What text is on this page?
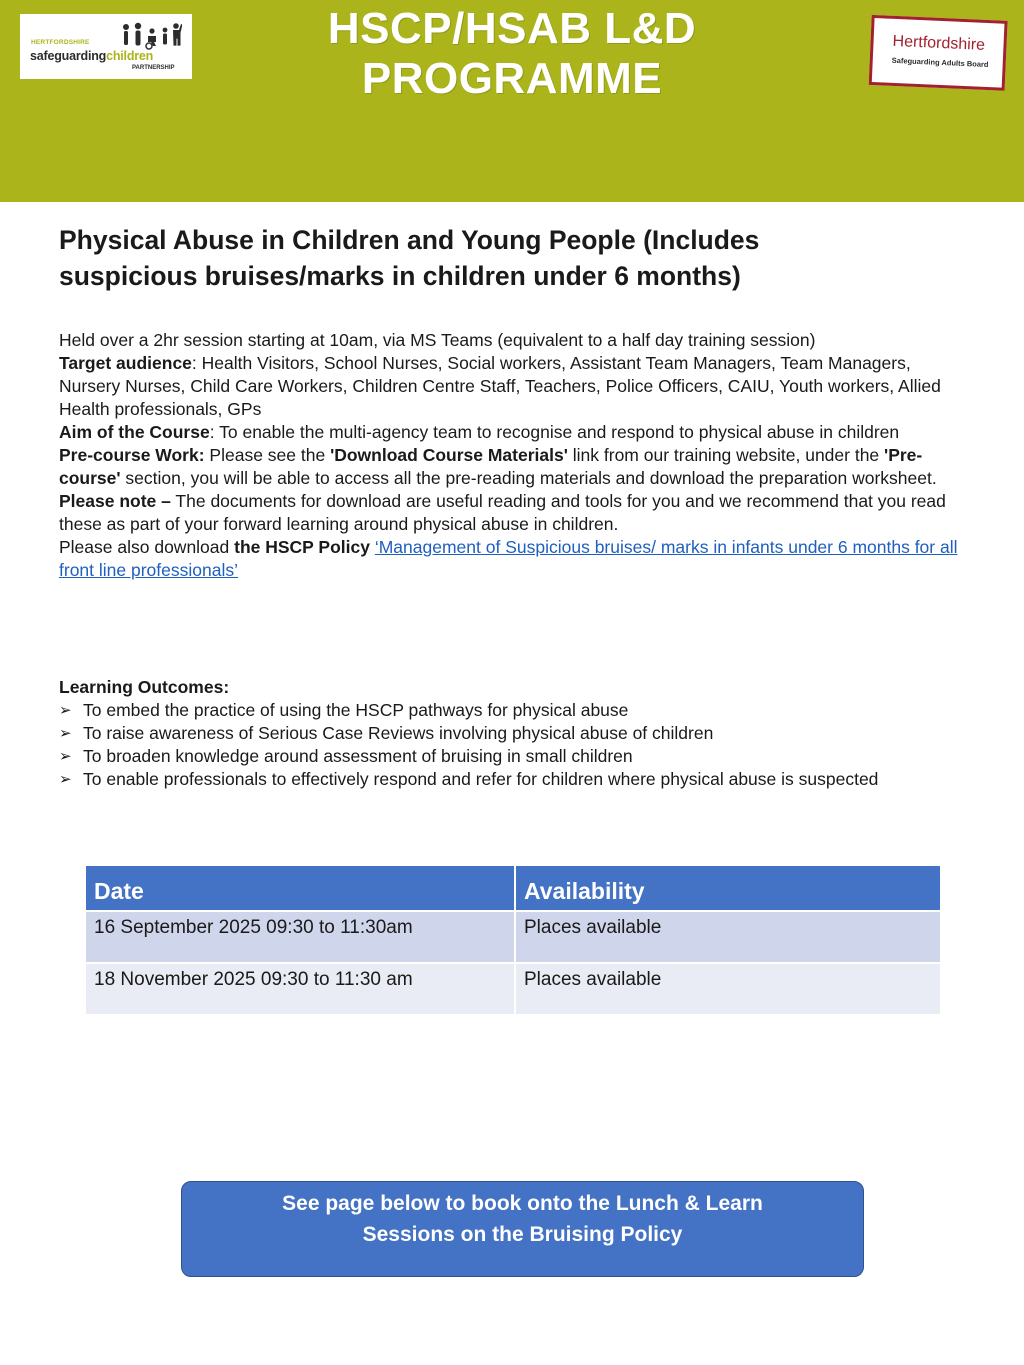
HERTFORDSHIRE
safeguardingchildren
PARTNERSHIP
HSCP/HSAB L&D
PROGRAMME
Hertfordshire
Safeguarding Adults Board
Physical Abuse in Children and Young People (Includes
suspicious bruises/marks in children under 6 months)

Held over a 2hr session starting at 10am, via MS Teams (equivalent to a half day training session)

Target audience: Health Visitors, School Nurses, Social workers, Assistant Team Managers, Team Managers, Nursery Nurses, Child Care Workers, Children Centre Staff, Teachers, Police Officers, CAIU, Youth workers, Allied Health professionals, GPs

Aim of the Course: To enable the multi-agency team to recognise and respond to physical abuse in children

Pre-course Work: Please see the 'Download Course Materials' link from our training website, under the 'Pre-course' section, you will be able to access all the pre-reading materials and download the preparation worksheet.

Please note – The documents for download are useful reading and tools for you and we recommend that you read these as part of your forward learning around physical abuse in children.

Please also download the HSCP Policy ‘Management of Suspicious bruises/ marks in infants under 6 months for all front line professionals’

Learning Outcomes:
➢ To embed the practice of using the HSCP pathways for physical abuse
➢ To raise awareness of Serious Case Reviews involving physical abuse of children
➢ To broaden knowledge around assessment of bruising in small children
➢ To enable professionals to effectively respond and refer for children where physical abuse is suspected
Date	Availability
16 September 2025 09:30 to 11:30am	Places available
18 November 2025 09:30 to 11:30 am	Places available
See page below to book onto the Lunch & Learn
Sessions on the Bruising Policy
